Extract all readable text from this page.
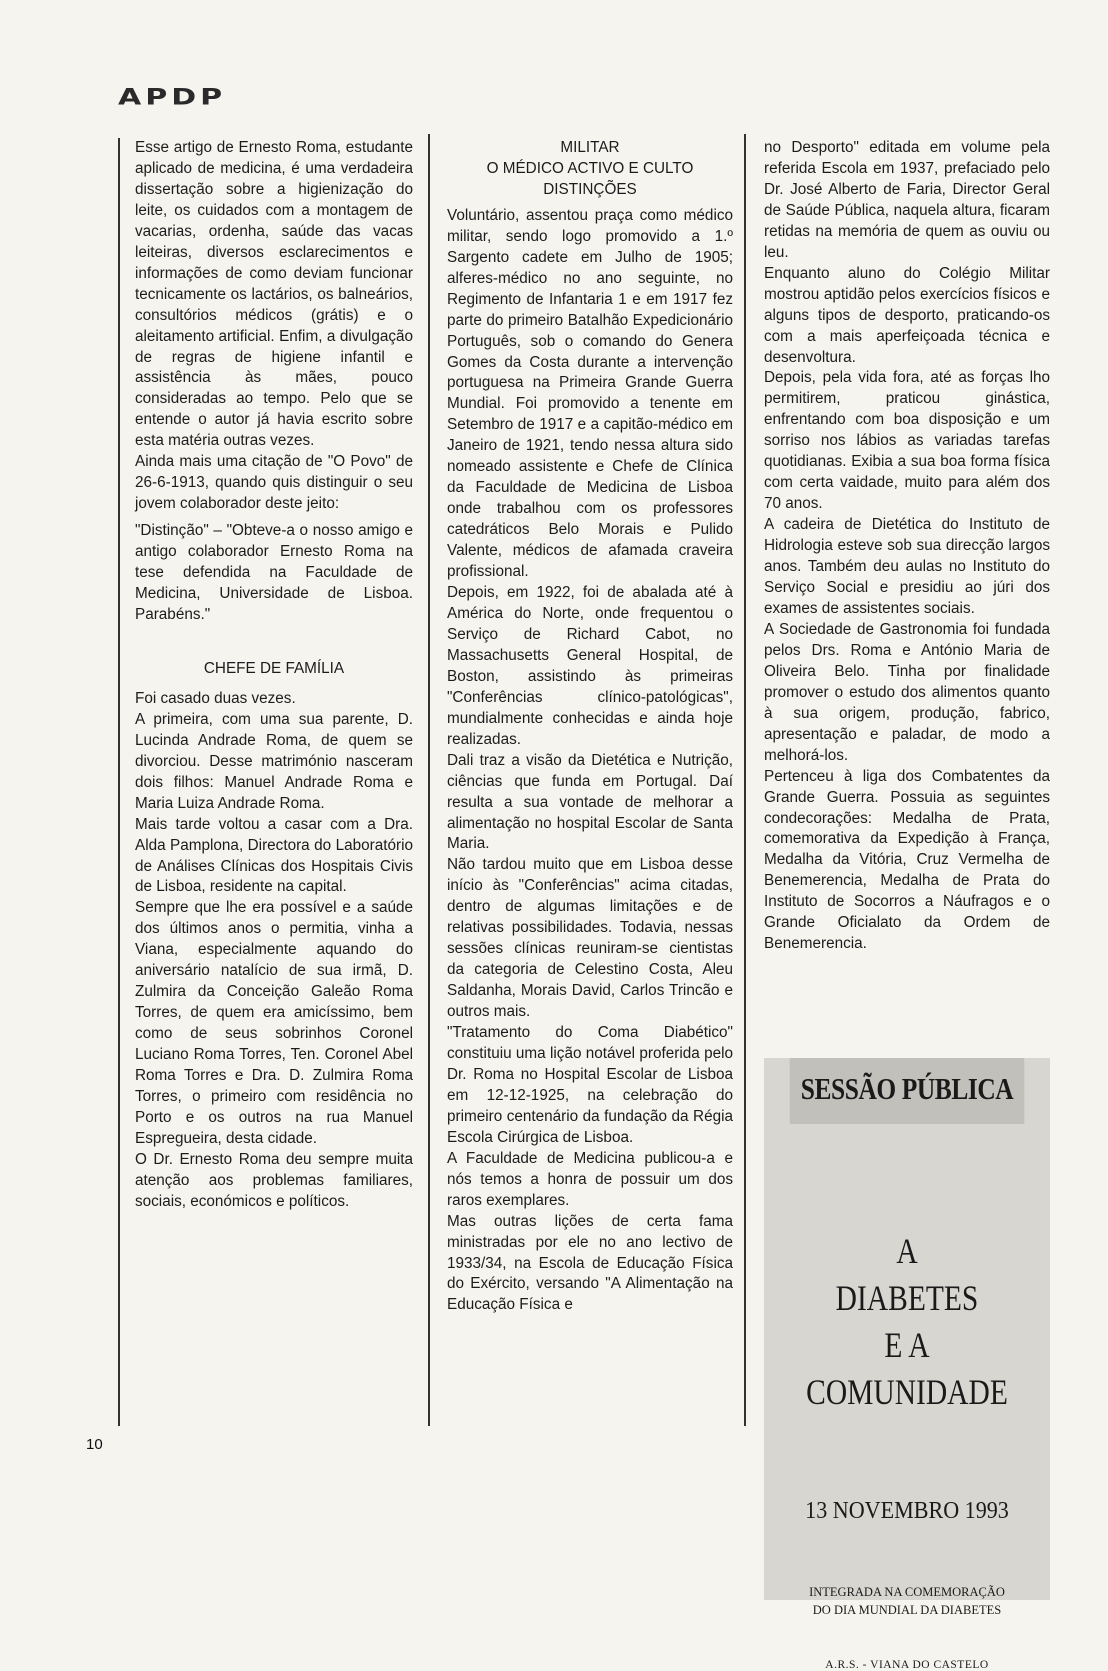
APDP

Esse artigo de Ernesto Roma, estudante aplicado de medicina, é uma verdadeira dissertação sobre a higienização do leite, os cuidados com a montagem de vacarias, ordenha, saúde das vacas leiteiras, diversos esclarecimentos e informações de como deviam funcionar tecnicamente os lactários, os balneários, consultórios médicos (grátis) e o aleitamento artificial. Enfim, a divulgação de regras de higiene infantil e assistência às mães, pouco consideradas ao tempo. Pelo que se entende o autor já havia escrito sobre esta matéria outras vezes.

Ainda mais uma citação de "O Povo" de 26-6-1913, quando quis distinguir o seu jovem colaborador deste jeito:

"Distinção" – "Obteve-a o nosso amigo e antigo colaborador Ernesto Roma na tese defendida na Faculdade de Medicina, Universidade de Lisboa. Parabéns."

CHEFE DE FAMÍLIA

Foi casado duas vezes.

A primeira, com uma sua parente, D. Lucinda Andrade Roma, de quem se divorciou. Desse matrimónio nasceram dois filhos: Manuel Andrade Roma e Maria Luiza Andrade Roma.

Mais tarde voltou a casar com a Dra. Alda Pamplona, Directora do Laboratório de Análises Clínicas dos Hospitais Civis de Lisboa, residente na capital.

Sempre que lhe era possível e a saúde dos últimos anos o permitia, vinha a Viana, especialmente aquando do aniversário natalício de sua irmã, D. Zulmira da Conceição Galeão Roma Torres, de quem era amicíssimo, bem como de seus sobrinhos Coronel Luciano Roma Torres, Ten. Coronel Abel Roma Torres e Dra. D. Zulmira Roma Torres, o primeiro com residência no Porto e os outros na rua Manuel Espregueira, desta cidade.

O Dr. Ernesto Roma deu sempre muita atenção aos problemas familiares, sociais, económicos e políticos.

MILITAR

O MÉDICO ACTIVO E CULTO

DISTINÇÕES

Voluntário, assentou praça como médico militar, sendo logo promovido a 1.º Sargento cadete em Julho de 1905; alferes-médico no ano seguinte, no Regimento de Infantaria 1 e em 1917 fez parte do primeiro Batalhão Expedicionário Português, sob o comando do Genera Gomes da Costa durante a intervenção portuguesa na Primeira Grande Guerra Mundial. Foi promovido a tenente em Setembro de 1917 e a capitão-médico em Janeiro de 1921, tendo nessa altura sido nomeado assistente e Chefe de Clínica da Faculdade de Medicina de Lisboa onde trabalhou com os professores catedráticos Belo Morais e Pulido Valente, médicos de afamada craveira profissional.

Depois, em 1922, foi de abalada até à América do Norte, onde frequentou o Serviço de Richard Cabot, no Massachusetts General Hospital, de Boston, assistindo às primeiras "Conferências clínico-patológicas", mundialmente conhecidas e ainda hoje realizadas.

Dali traz a visão da Dietética e Nutrição, ciências que funda em Portugal. Daí resulta a sua vontade de melhorar a alimentação no hospital Escolar de Santa Maria.

Não tardou muito que em Lisboa desse início às "Conferências" acima citadas, dentro de algumas limitações e de relativas possibilidades. Todavia, nessas sessões clínicas reuniram-se cientistas da categoria de Celestino Costa, Aleu Saldanha, Morais David, Carlos Trincão e outros mais.

"Tratamento do Coma Diabético" constituiu uma lição notável proferida pelo Dr. Roma no Hospital Escolar de Lisboa em 12-12-1925, na celebração do primeiro centenário da fundação da Régia Escola Cirúrgica de Lisboa.

A Faculdade de Medicina publicou-a e nós temos a honra de possuir um dos raros exemplares.

Mas outras lições de certa fama ministradas por ele no ano lectivo de 1933/34, na Escola de Educação Física do Exército, versando "A Alimentação na Educação Física e

no Desporto" editada em volume pela referida Escola em 1937, prefaciado pelo Dr. José Alberto de Faria, Director Geral de Saúde Pública, naquela altura, ficaram retidas na memória de quem as ouviu ou leu.

Enquanto aluno do Colégio Militar mostrou aptidão pelos exercícios físicos e alguns tipos de desporto, praticando-os com a mais aperfeiçoada técnica e desenvoltura.

Depois, pela vida fora, até as forças lho permitirem, praticou ginástica, enfrentando com boa disposição e um sorriso nos lábios as variadas tarefas quotidianas. Exibia a sua boa forma física com certa vaidade, muito para além dos 70 anos.

A cadeira de Dietética do Instituto de Hidrologia esteve sob sua direcção largos anos. Também deu aulas no Instituto do Serviço Social e presidiu ao júri dos exames de assistentes sociais.

A Sociedade de Gastronomia foi fundada pelos Drs. Roma e António Maria de Oliveira Belo. Tinha por finalidade promover o estudo dos alimentos quanto à sua origem, produção, fabrico, apresentação e paladar, de modo a melhorá-los.

Pertenceu à liga dos Combatentes da Grande Guerra. Possuia as seguintes condecorações: Medalha de Prata, comemorativa da Expedição à França, Medalha da Vitória, Cruz Vermelha de Benemerencia, Medalha de Prata do Instituto de Socorros a Náufragos e o Grande Oficialato da Ordem de Benemerencia.

SESSÃO PÚBLICA
A
DIABETES
E A
COMUNIDADE
13 NOVEMBRO 1993
INTEGRADA NA COMEMORAÇÃO
DO DIA MUNDIAL DA DIABETES
A.R.S. - VIANA DO CASTELO
10
